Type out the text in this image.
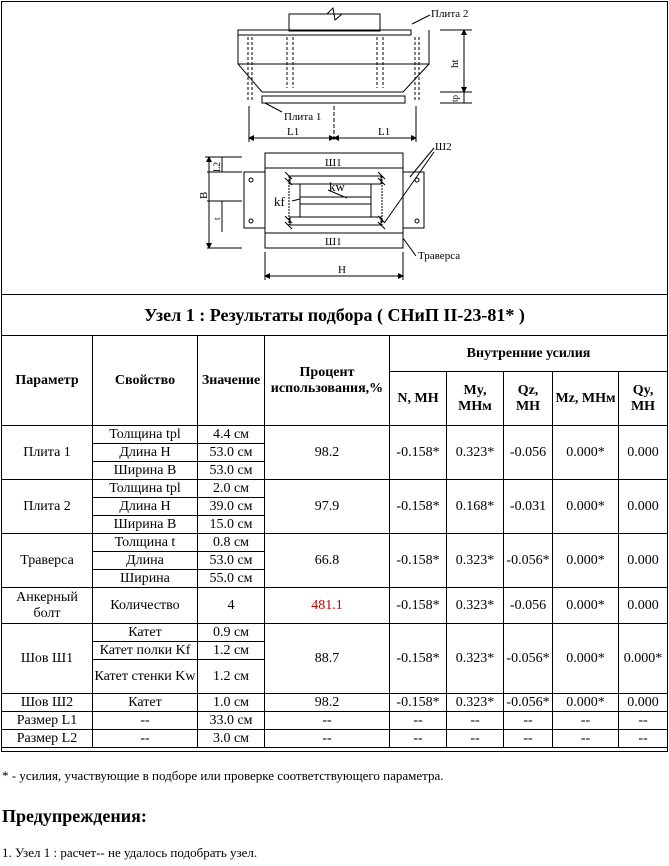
Плита 2
Плита 1
L1	L1
ht
tp
Ш1
Ш1
Ш2
kw
kf
Траверса
H
L2
B
t
Узел 1 : Результаты подбора ( СНиП II-23-81* )								
Параметр	Свойство	Значение	Процент использования,%	Внутренние усилия				
				N, МН	My, МНм	Qz, МН	Mz, МНм	Qy, МН
Плита 1	Толщина tpl	4.4 см	98.2	-0.158*	0.323*	-0.056	0.000*	0.000
	Длина H	53.0 см						
	Ширина B	53.0 см						
Плита 2	Толщина tpl	2.0 см	97.9	-0.158*	0.168*	-0.031	0.000*	0.000
	Длина H	39.0 см						
	Ширина B	15.0 см						
Траверса	Толщина t	0.8 см	66.8	-0.158*	0.323*	-0.056*	0.000*	0.000
	Длина	53.0 см						
	Ширина	55.0 см						
Анкерный болт	Количество	4	481.1	-0.158*	0.323*	-0.056	0.000*	0.000
Шов Ш1	Катет	0.9 см	88.7	-0.158*	0.323*	-0.056*	0.000*	0.000*
	Катет полки Kf	1.2 см						
	Катет стенки Kw	1.2 см						
Шов Ш2	Катет	1.0 см	98.2	-0.158*	0.323*	-0.056*	0.000*	0.000
Размер L1	--	33.0 см	--	--	--	--	--	--
Размер L2	--	3.0 см	--	--	--	--	--	--
* - усилия, участвующие в подборе или проверке соответствующего параметра.
Предупреждения:
1. Узел 1 : расчет-- не удалось подобрать узел.
